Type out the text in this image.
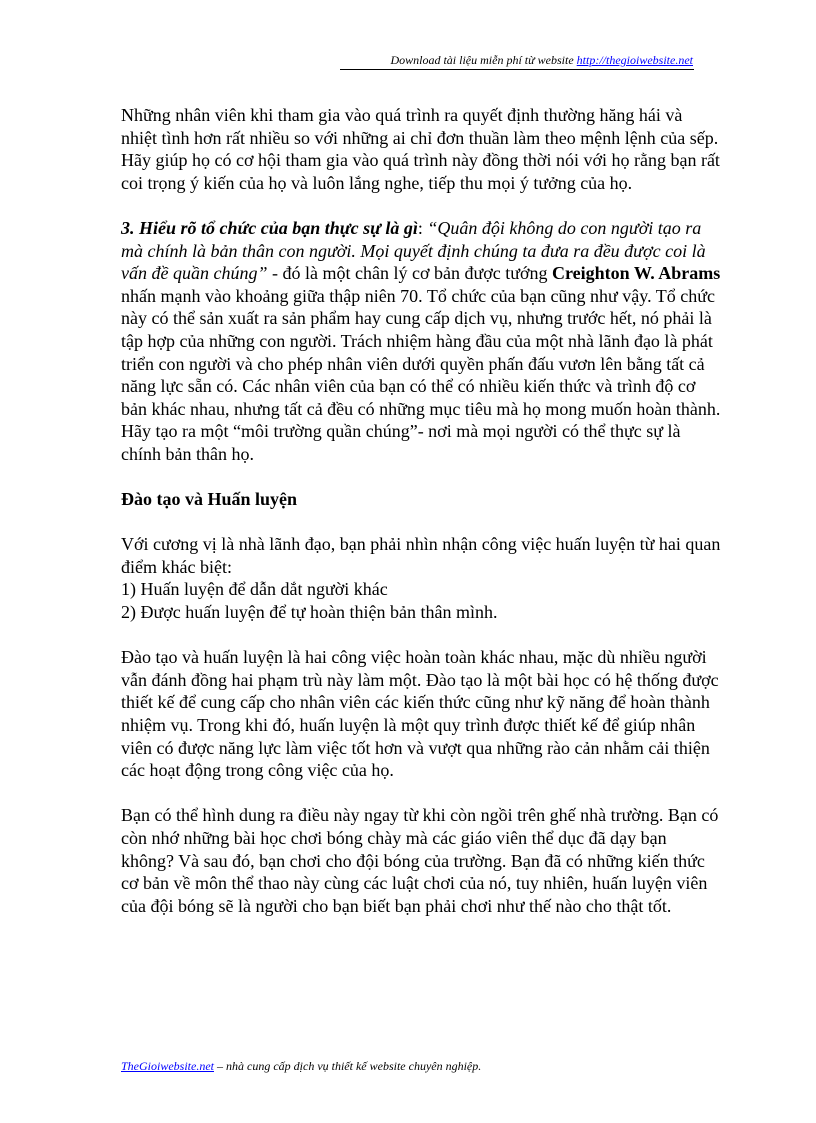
Download tài liệu miễn phí từ website http://thegioiwebsite.net

Những nhân viên khi tham gia vào quá trình ra quyết định thường hăng hái và nhiệt tình hơn rất nhiều so với những ai chỉ đơn thuần làm theo mệnh lệnh của sếp. Hãy giúp họ có cơ hội tham gia vào quá trình này đồng thời nói với họ rằng bạn rất coi trọng ý kiến của họ và luôn lắng nghe, tiếp thu mọi ý tưởng của họ.

3. Hiểu rõ tổ chức của bạn thực sự là gì: “Quân đội không do con người tạo ra mà chính là bản thân con người. Mọi quyết định chúng ta đưa ra đều được coi là vấn đề quần chúng” - đó là một chân lý cơ bản được tướng Creighton W. Abrams nhấn mạnh vào khoảng giữa thập niên 70. Tổ chức của bạn cũng như vậy. Tổ chức này có thể sản xuất ra sản phẩm hay cung cấp dịch vụ, nhưng trước hết, nó phải là tập hợp của những con người. Trách nhiệm hàng đầu của một nhà lãnh đạo là phát triển con người và cho phép nhân viên dưới quyền phấn đấu vươn lên bằng tất cả năng lực sẵn có. Các nhân viên của bạn có thể có nhiều kiến thức và trình độ cơ bản khác nhau, nhưng tất cả đều có những mục tiêu mà họ mong muốn hoàn thành. Hãy tạo ra một “môi trường quần chúng”- nơi mà mọi người có thể thực sự là chính bản thân họ.

Đào tạo và Huấn luyện

Với cương vị là nhà lãnh đạo, bạn phải nhìn nhận công việc huấn luyện từ hai quan điểm khác biệt:

1) Huấn luyện để dẫn dắt người khác

2) Được huấn luyện để tự hoàn thiện bản thân mình.

Đào tạo và huấn luyện là hai công việc hoàn toàn khác nhau, mặc dù nhiều người vẫn đánh đồng hai phạm trù này làm một. Đào tạo là một bài học có hệ thống được thiết kế để cung cấp cho nhân viên các kiến thức cũng như kỹ năng để hoàn thành nhiệm vụ. Trong khi đó, huấn luyện là một quy trình được thiết kế để giúp nhân viên có được năng lực làm việc tốt hơn và vượt qua những rào cản nhằm cải thiện các hoạt động trong công việc của họ.

Bạn có thể hình dung ra điều này ngay từ khi còn ngồi trên ghế nhà trường. Bạn có còn nhớ những bài học chơi bóng chày mà các giáo viên thể dục đã dạy bạn không? Và sau đó, bạn chơi cho đội bóng của trường. Bạn đã có những kiến thức cơ bản về môn thể thao này cùng các luật chơi của nó, tuy nhiên, huấn luyện viên của đội bóng sẽ là người cho bạn biết bạn phải chơi như thế nào cho thật tốt.

TheGioiwebsite.net – nhà cung cấp dịch vụ thiết kế website chuyên nghiệp.
